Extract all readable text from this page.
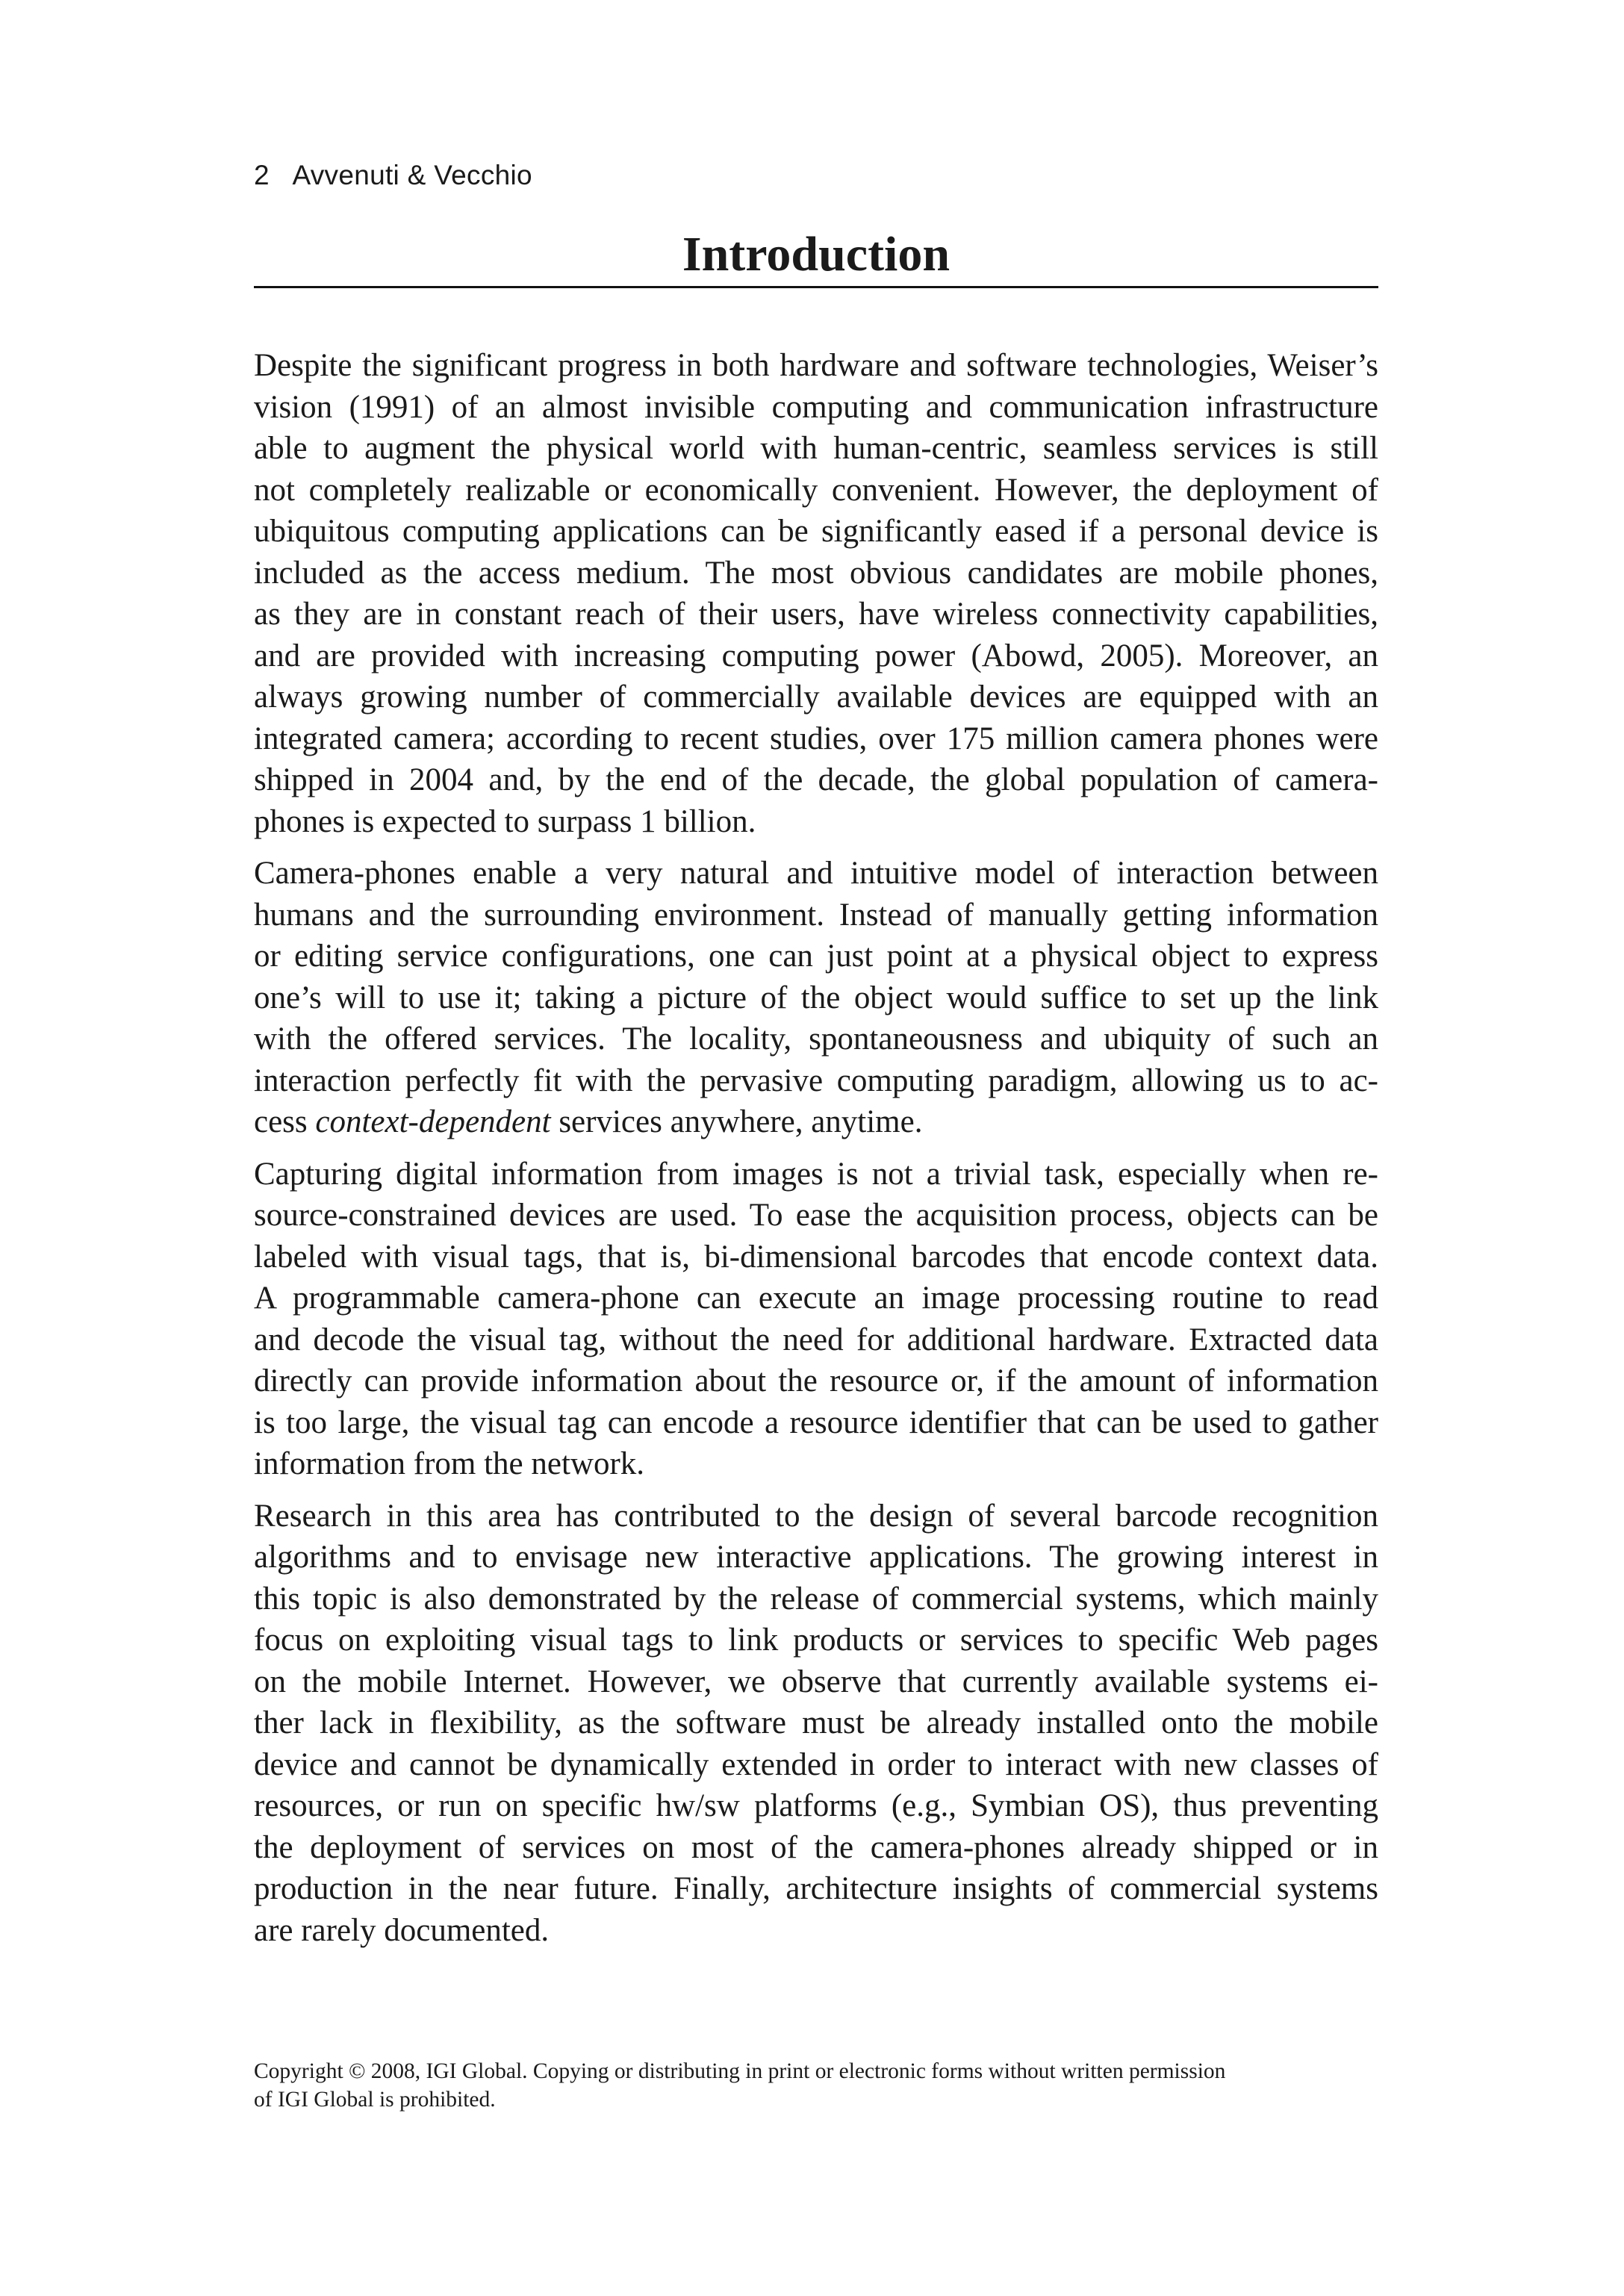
2 Avvenuti & Vecchio
Introduction

Despite the significant progress in both hardware and software technologies, Weiser’s
vision (1991) of an almost invisible computing and communication infrastructure
able to augment the physical world with human-centric, seamless services is still
not completely realizable or economically convenient. However, the deployment of
ubiquitous computing applications can be significantly eased if a personal device is
included as the access medium. The most obvious candidates are mobile phones,
as they are in constant reach of their users, have wireless connectivity capabilities,
and are provided with increasing computing power (Abowd, 2005). Moreover, an
always growing number of commercially available devices are equipped with an
integrated camera; according to recent studies, over 175 million camera phones were
shipped in 2004 and, by the end of the decade, the global population of camera-
phones is expected to surpass 1 billion.

Camera-phones enable a very natural and intuitive model of interaction between
humans and the surrounding environment. Instead of manually getting information
or editing service configurations, one can just point at a physical object to express
one’s will to use it; taking a picture of the object would suffice to set up the link
with the offered services. The locality, spontaneousness and ubiquity of such an
interaction perfectly fit with the pervasive computing paradigm, allowing us to ac-
cess context-dependent services anywhere, anytime.

Capturing digital information from images is not a trivial task, especially when re-
source-constrained devices are used. To ease the acquisition process, objects can be
labeled with visual tags, that is, bi-dimensional barcodes that encode context data.
A programmable camera-phone can execute an image processing routine to read
and decode the visual tag, without the need for additional hardware. Extracted data
directly can provide information about the resource or, if the amount of information
is too large, the visual tag can encode a resource identifier that can be used to gather
information from the network.

Research in this area has contributed to the design of several barcode recognition
algorithms and to envisage new interactive applications. The growing interest in
this topic is also demonstrated by the release of commercial systems, which mainly
focus on exploiting visual tags to link products or services to specific Web pages
on the mobile Internet. However, we observe that currently available systems ei-
ther lack in flexibility, as the software must be already installed onto the mobile
device and cannot be dynamically extended in order to interact with new classes of
resources, or run on specific hw/sw platforms (e.g., Symbian OS), thus preventing
the deployment of services on most of the camera-phones already shipped or in
production in the near future. Finally, architecture insights of commercial systems
are rarely documented.

Copyright © 2008, IGI Global. Copying or distributing in print or electronic forms without written permission
of IGI Global is prohibited.
